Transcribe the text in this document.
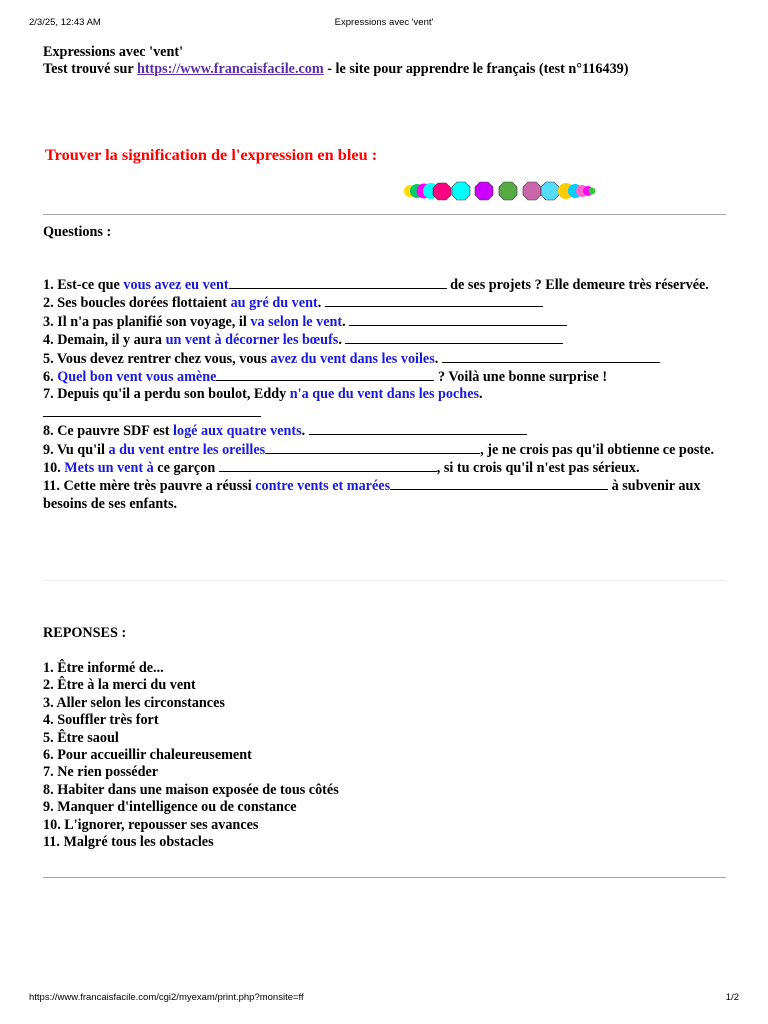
2/3/25, 12:43 AM	Expressions avec 'vent'
Expressions avec 'vent'
Test trouvé sur https://www.francaisfacile.com - le site pour apprendre le français (test n°116439)
Trouver la signification de l'expression en bleu :
Questions :
1. Est-ce que vous avez eu vent	de ses projets ? Elle demeure très réservée.
2. Ses boucles dorées flottaient au gré du vent.
3. Il n'a pas planifié son voyage, il va selon le vent.
4. Demain, il y aura un vent à décorner les bœufs.
5. Vous devez rentrer chez vous, vous avez du vent dans les voiles.
6. Quel bon vent vous amène	? Voilà une bonne surprise !
7. Depuis qu'il a perdu son boulot, Eddy n'a que du vent dans les poches.

8. Ce pauvre SDF est logé aux quatre vents.
9. Vu qu'il a du vent entre les oreilles	, je ne crois pas qu'il obtienne ce poste.
10. Mets un vent à ce garçon	, si tu crois qu'il n'est pas sérieux.
11. Cette mère très pauvre a réussi contre vents et marées	à subvenir aux besoins de ses enfants.
REPONSES :
1. Être informé de...
2. Être à la merci du vent
3. Aller selon les circonstances
4. Souffler très fort
5. Être saoul
6. Pour accueillir chaleureusement
7. Ne rien posséder
8. Habiter dans une maison exposée de tous côtés
9. Manquer d'intelligence ou de constance
10. L'ignorer, repousser ses avances
11. Malgré tous les obstacles
https://www.francaisfacile.com/cgi2/myexam/print.php?monsite=ff	1/2
